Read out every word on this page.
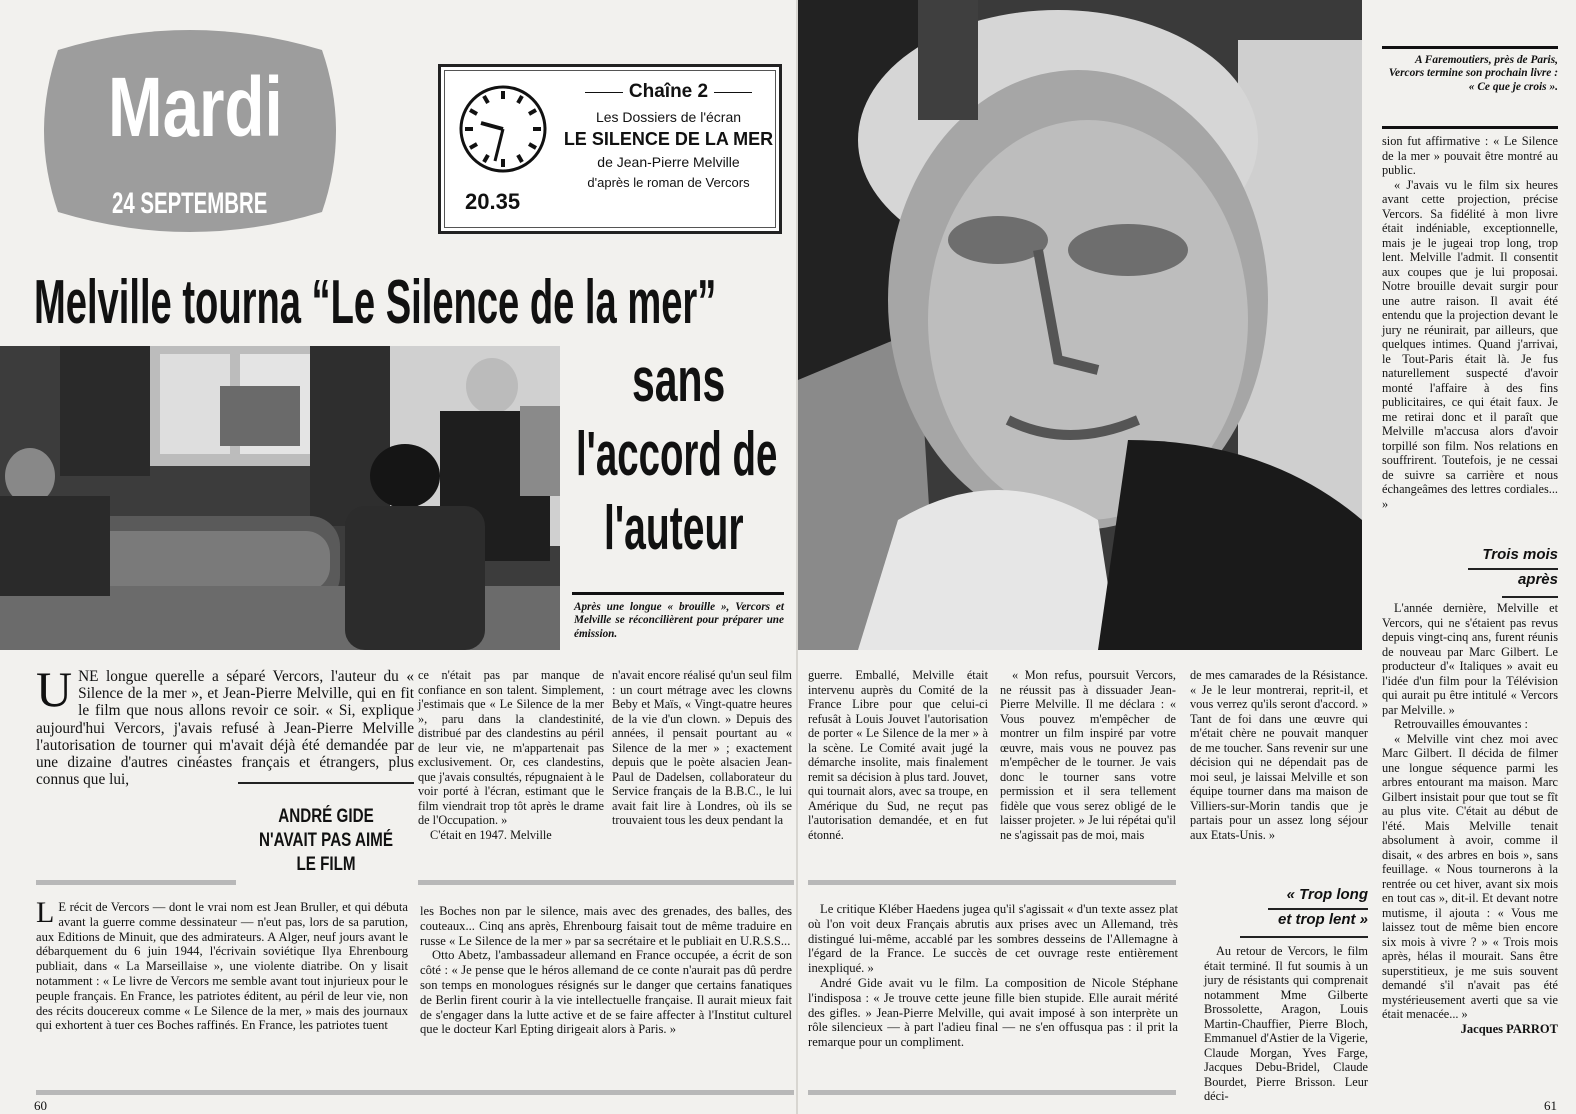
Mardi
24 SEPTEMBRE	20.35
Chaîne 2
Les Dossiers de l'écran
LE SILENCE DE LA MER
de Jean-Pierre Melville
d'après le roman de Vercors
Melville tourna “Le Silence de la mer”
sans
l'accord de
l'auteur
Après une longue « brouille », Vercors et Melville se réconcilièrent pour préparer une émission.
UNE longue querelle a séparé Vercors, l'auteur du « Silence de la mer », et Jean-Pierre Melville, qui en fit le film que nous allons revoir ce soir. « Si, explique aujourd'hui Vercors, j'avais refusé à Jean-Pierre Melville l'autorisation de tourner qui m'avait déjà été demandée par une dizaine d'autres cinéastes français et étrangers, plus connus que lui,
ANDRÉ GIDE
N'AVAIT PAS AIMÉ
LE FILM

ce n'était pas par manque de confiance en son talent. Simplement, j'estimais que « Le Silence de la mer », paru dans la clandestinité, distribué par des clandestins au péril de leur vie, ne m'appartenait pas exclusivement. Or, ces clandestins, que j'avais consultés, répugnaient à le voir porté à l'écran, estimant que le film viendrait trop tôt après le drame de l'Occupation. »

C'était en 1947. Melville

n'avait encore réalisé qu'un seul film : un court métrage avec les clowns Beby et Maïs, « Vingt-quatre heures de la vie d'un clown. » Depuis des années, il pensait pourtant au « Silence de la mer » ; exactement depuis que le poète alsacien Jean-Paul de Dadelsen, collaborateur du Service français de la B.B.C., le lui avait fait lire à Londres, où ils se trouvaient tous les deux pendant la

L E récit de Vercors — dont le vrai nom est Jean Bruller, et qui débuta avant la guerre comme dessinateur — n'eut pas, lors de sa parution, aux Editions de Minuit, que des admirateurs. A Alger, neuf jours avant le débarquement du 6 juin 1944, l'écrivain soviétique Ilya Ehrenbourg publiait, dans « La Marseillaise », une violente diatribe. On y lisait notamment : « Le livre de Vercors me semble avant tout injurieux pour le peuple français. En France, les patriotes éditent, au péril de leur vie, non des récits doucereux comme « Le Silence de la mer, » mais des journaux qui exhortent à tuer ces Boches raffinés. En France, les patriotes tuent

les Boches non par le silence, mais avec des grenades, des balles, des couteaux... Cinq ans après, Ehrenbourg faisait tout de même traduire en russe « Le Silence de la mer » par sa secrétaire et le publiait en U.R.S.S...

Otto Abetz, l'ambassadeur allemand en France occupée, a écrit de son côté : « Je pense que le héros allemand de ce conte n'aurait pas dû perdre son temps en monologues résignés sur le danger que certains fanatiques de Berlin firent courir à la vie intellectuelle française. Il aurait mieux fait de s'engager dans la lutte active et de se faire affecter à l'Institut culturel que le docteur Karl Epting dirigeait alors à Paris. »

60
A Faremoutiers, près de Paris, Vercors termine son prochain livre : « Ce que je crois ».

sion fut affirmative : « Le Silence de la mer » pouvait être montré au public.

« J'avais vu le film six heures avant cette projection, précise Vercors. Sa fidélité à mon livre était indéniable, exceptionnelle, mais je le jugeai trop long, trop lent. Melville l'admit. Il consentit aux coupes que je lui proposai. Notre brouille devait surgir pour une autre raison. Il avait été entendu que la projection devant le jury ne réunirait, par ailleurs, que quelques intimes. Quand j'arrivai, le Tout-Paris était là. Je fus naturellement suspecté d'avoir monté l'affaire à des fins publicitaires, ce qui était faux. Je me retirai donc et il paraît que Melville m'accusa alors d'avoir torpillé son film. Nos relations en souffrirent. Toutefois, je ne cessai de suivre sa carrière et nous échangeâmes des lettres cordiales... »

Trois mois
après

L'année dernière, Melville et Vercors, qui ne s'étaient pas revus depuis vingt-cinq ans, furent réunis de nouveau par Marc Gilbert. Le producteur d'« Italiques » avait eu l'idée d'un film pour la Télévision qui aurait pu être intitulé « Vercors par Melville. »

Retrouvailles émouvantes :

« Melville vint chez moi avec Marc Gilbert. Il décida de filmer une longue séquence parmi les arbres entourant ma maison. Marc Gilbert insistait pour que tout se fît au plus vite. C'était au début de l'été. Mais Melville tenait absolument à avoir, comme il disait, « des arbres en bois », sans feuillage. « Nous tournerons à la rentrée ou cet hiver, avant six mois en tout cas », dit-il. Et devant notre mutisme, il ajouta : « Vous me laissez tout de même bien encore six mois à vivre ? » « Trois mois après, hélas il mourait. Sans être superstitieux, je me suis souvent demandé s'il n'avait pas été mystérieusement averti que sa vie était menacée... »

Jacques PARROT

guerre. Emballé, Melville était intervenu auprès du Comité de la France Libre pour que celui-ci refusât à Louis Jouvet l'autorisation de porter « Le Silence de la mer » à la scène. Le Comité avait jugé la démarche insolite, mais finalement remit sa décision à plus tard. Jouvet, qui tournait alors, avec sa troupe, en Amérique du Sud, ne reçut pas l'autorisation demandée, et en fut étonné.

« Mon refus, poursuit Vercors, ne réussit pas à dissuader Jean-Pierre Melville. Il me déclara : « Vous pouvez m'empêcher de montrer un film inspiré par votre œuvre, mais vous ne pouvez pas m'empêcher de le tourner. Je vais donc le tourner sans votre permission et il sera tellement fidèle que vous serez obligé de le laisser projeter. » Je lui répétai qu'il ne s'agissait pas de moi, mais

de mes camarades de la Résistance. « Je le leur montrerai, reprit-il, et vous verrez qu'ils seront d'accord. » Tant de foi dans une œuvre qui m'était chère ne pouvait manquer de me toucher. Sans revenir sur une décision qui ne dépendait pas de moi seul, je laissai Melville et son équipe tourner dans ma maison de Villiers-sur-Morin tandis que je partais pour un assez long séjour aux Etats-Unis. »

Le critique Kléber Haedens jugea qu'il s'agissait « d'un texte assez plat où l'on voit deux Français abrutis aux prises avec un Allemand, très distingué lui-même, accablé par les sombres desseins de l'Allemagne à l'égard de la France. Le succès de cet ouvrage reste entièrement inexpliqué. »

André Gide avait vu le film. La composition de Nicole Stéphane l'indisposa : « Je trouve cette jeune fille bien stupide. Elle aurait mérité des gifles. » Jean-Pierre Melville, qui avait imposé à son interprète un rôle silencieux — à part l'adieu final — ne s'en offusqua pas : il prit la remarque pour un compliment.

« Trop long
et trop lent »

Au retour de Vercors, le film était terminé. Il fut soumis à un jury de résistants qui comprenait notamment Mme Gilberte Brossolette, Aragon, Louis Martin-Chauffier, Pierre Bloch, Emmanuel d'Astier de la Vigerie, Claude Morgan, Yves Farge, Jacques Debu-Bridel, Claude Bourdet, Pierre Brisson. Leur déci-

61
